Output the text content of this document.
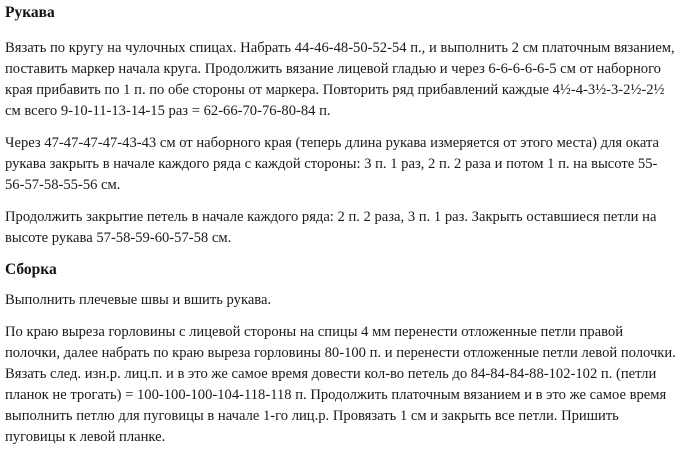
Рукава

Вязать по кругу на чулочных спицах. Набрать 44-46-48-50-52-54 п., и выполнить 2 см платочным вязанием, поставить маркер начала круга. Продолжить вязание лицевой гладью и через 6-6-6-6-6-5 см от наборного края прибавить по 1 п. по обе стороны от маркера. Повторить ряд прибавлений каждые 4½-4-3½-3-2½-2½ см всего 9-10-11-13-14-15 раз = 62-66-70-76-80-84 п.

Через 47-47-47-47-43-43 см от наборного края (теперь длина рукава измеряется от этого места) для оката рукава закрыть в начале каждого ряда с каждой стороны: 3 п. 1 раз, 2 п. 2 раза и потом 1 п. на высоте 55-56-57-58-55-56 см.

Продолжить закрытие петель в начале каждого ряда: 2 п. 2 раза, 3 п. 1 раз. Закрыть оставшиеся петли на высоте рукава 57-58-59-60-57-58 см.

Сборка

Выполнить плечевые швы и вшить рукава.

По краю выреза горловины с лицевой стороны на спицы 4 мм перенести отложенные петли правой полочки, далее набрать по краю выреза горловины 80-100 п. и перенести отложенные петли левой полочки. Вязать след. изн.р. лиц.п. и в это же самое время довести кол-во петель до 84-84-84-88-102-102 п. (петли планок не трогать) = 100-100-100-104-118-118 п. Продолжить платочным вязанием и в это же самое время выполнить петлю для пуговицы в начале 1-го лиц.р. Провязать 1 см и закрыть все петли. Пришить пуговицы к левой планке.
